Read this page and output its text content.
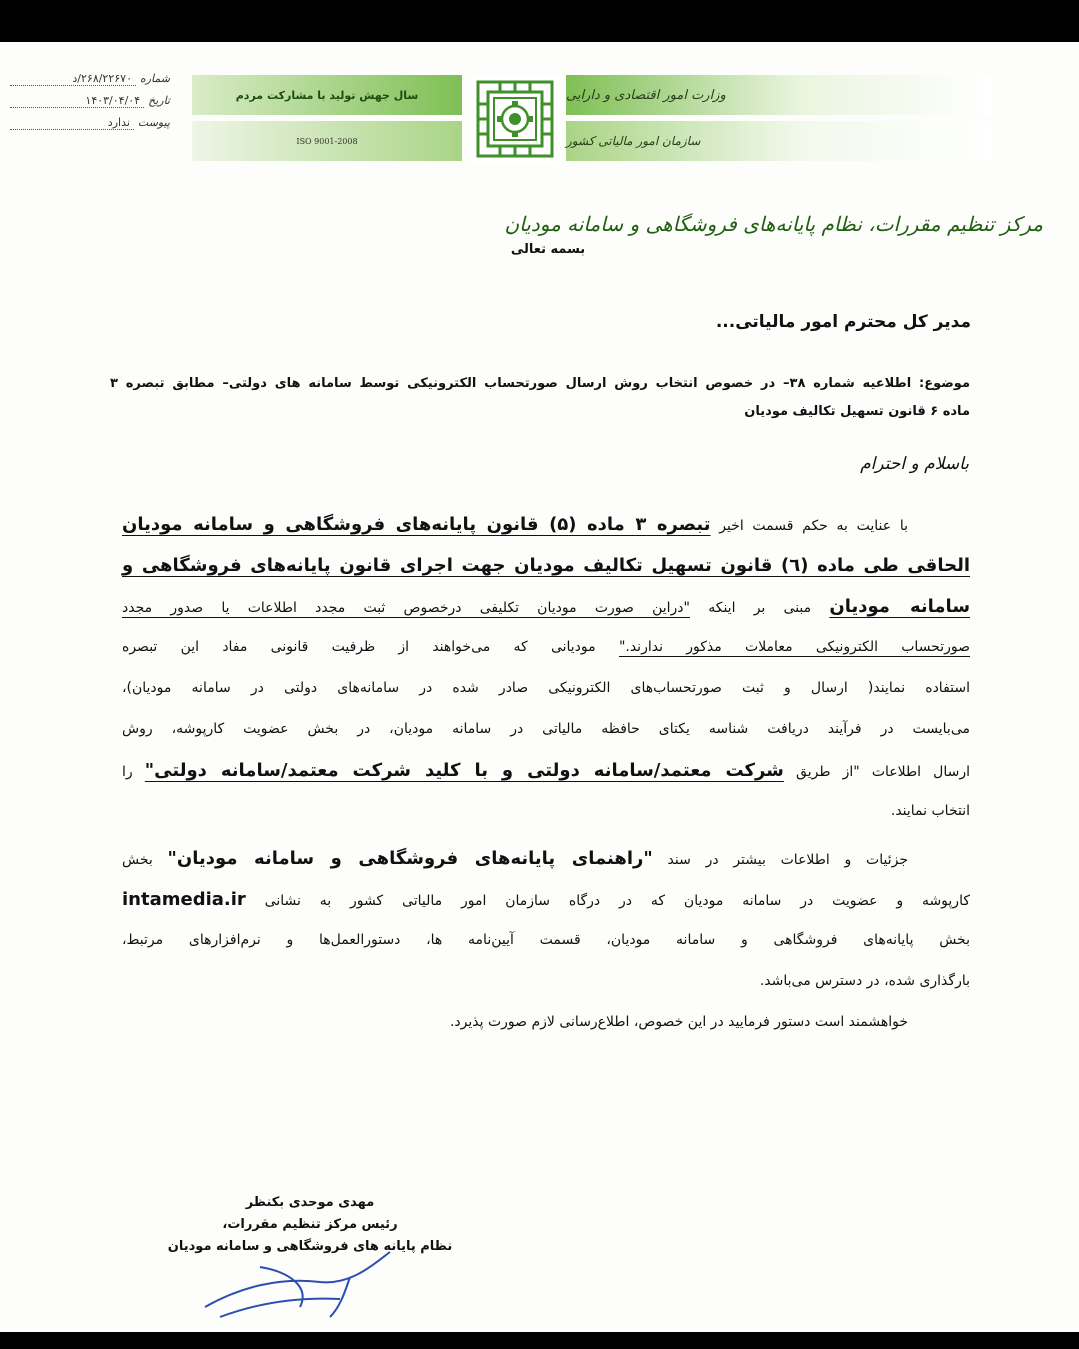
شماره
۲۶۸/۲۲۶۷۰/د
تاریخ
۱۴۰۳/۰۴/۰۴
پیوست
ندارد
سال جهش تولید با مشارکت مردم
ISO 9001-2008
وزارت امور اقتصادی و دارایی
سازمان امور مالیاتی کشور
مرکز تنظیم مقررات، نظام پایانه‌های فروشگاهی و سامانه مودیان
بسمه تعالی
مدیر کل محترم امور مالیاتی...
موضوع: اطلاعیه شماره ۳۸– در خصوص انتخاب روش ارسال صورتحساب الکترونیکی توسط سامانه های دولتی– مطابق تبصره ۳
ماده ۶ قانون تسهیل تکالیف مودیان
باسلام و احترام
با عنایت به حکم قسمت اخیر تبصره ۳ ماده (۵) قانون پایانه‌های فروشگاهی و سامانه مودیان
الحاقی طی ماده (٦) قانون تسهیل تکالیف مودیان جهت اجرای قانون پایانه‌های فروشگاهی و
سامانه مودیان مبنی بر اینکه "دراین صورت مودیان تکلیفی درخصوص ثبت مجدد اطلاعات یا صدور مجدد
صورتحساب الکترونیکی معاملات مذکور ندارند." مودیانی که می‌خواهند از ظرفیت قانونی مفاد این تبصره
استفاده نمایند( ارسال و ثبت صورتحساب‌های الکترونیکی صادر شده در سامانه‌های دولتی در سامانه مودیان)،
می‌بایست در فرآیند دریافت شناسه یکتای حافظه مالیاتی در سامانه مودیان، در بخش عضویت کارپوشه، روش
ارسال اطلاعات "از طریق شرکت معتمد/سامانه دولتی و با کلید شرکت معتمد/سامانه دولتی" را
انتخاب نمایند.
جزئیات و اطلاعات بیشتر در سند "راهنمای پایانه‌های فروشگاهی و سامانه مودیان" بخش
کارپوشه و عضویت در سامانه مودیان که در درگاه سازمان امور مالیاتی کشور به نشانی intamedia.ir
بخش پایانه‌های فروشگاهی و سامانه مودیان، قسمت آیین‌نامه ها، دستورالعمل‌ها و نرم‌افزارهای مرتبط،
بارگذاری شده، در دسترس می‌باشد.
خواهشمند است دستور فرمایید در این خصوص، اطلاع‌رسانی لازم صورت پذیرد.
مهدی موحدی بکنظر
رئیس مرکز تنظیم مقررات،
نظام پایانه های فروشگاهی و سامانه مودیان
